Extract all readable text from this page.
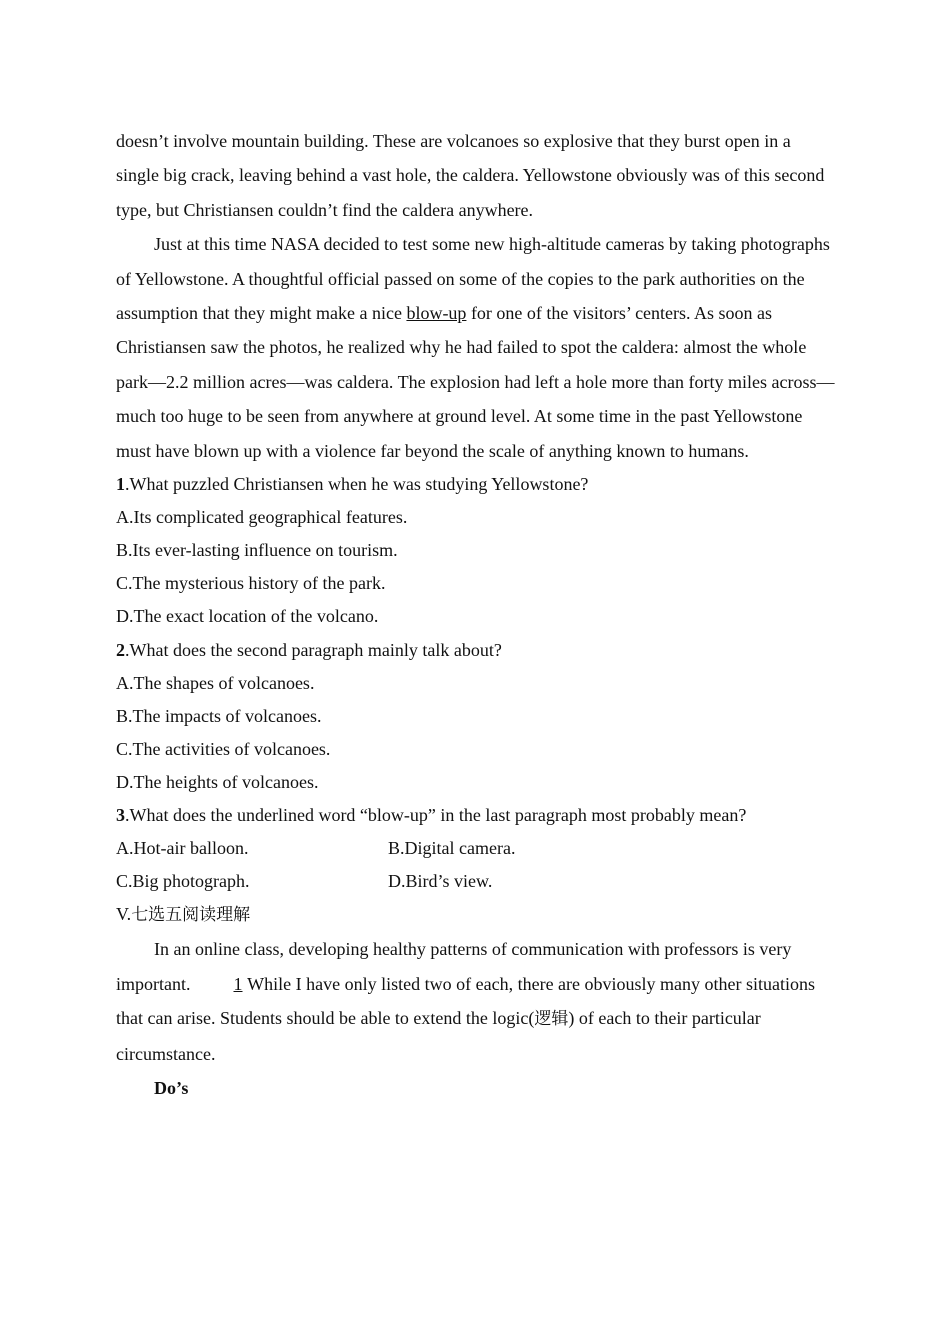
doesn’t involve mountain building. These are volcanoes so explosive that they burst open in a single big crack, leaving behind a vast hole, the caldera. Yellowstone obviously was of this second type, but Christiansen couldn’t find the caldera anywhere.

Just at this time NASA decided to test some new high-altitude cameras by taking photographs of Yellowstone. A thoughtful official passed on some of the copies to the park authorities on the assumption that they might make a nice blow-up for one of the visitors’ centers. As soon as Christiansen saw the photos, he realized why he had failed to spot the caldera: almost the whole park—2.2 million acres—was caldera. The explosion had left a hole more than forty miles across—much too huge to be seen from anywhere at ground level. At some time in the past Yellowstone must have blown up with a violence far beyond the scale of anything known to humans.

1.What puzzled Christiansen when he was studying Yellowstone?

A.Its complicated geographical features.

B.Its ever-lasting influence on tourism.

C.The mysterious history of the park.

D.The exact location of the volcano.

2.What does the second paragraph mainly talk about?

A.The shapes of volcanoes.

B.The impacts of volcanoes.

C.The activities of volcanoes.

D.The heights of volcanoes.

3.What does the underlined word “blow-up” in the last paragraph most probably mean?

A.Hot-air balloon.	B.Digital camera.
C.Big photograph.	D.Bird’s view.

V.七选五阅读理解

In an online class, developing healthy patterns of communication with professors is very important. 1 While I have only listed two of each, there are obviously many other situations that can arise. Students should be able to extend the logic(逻辑) of each to their particular circumstance.

Do’s
